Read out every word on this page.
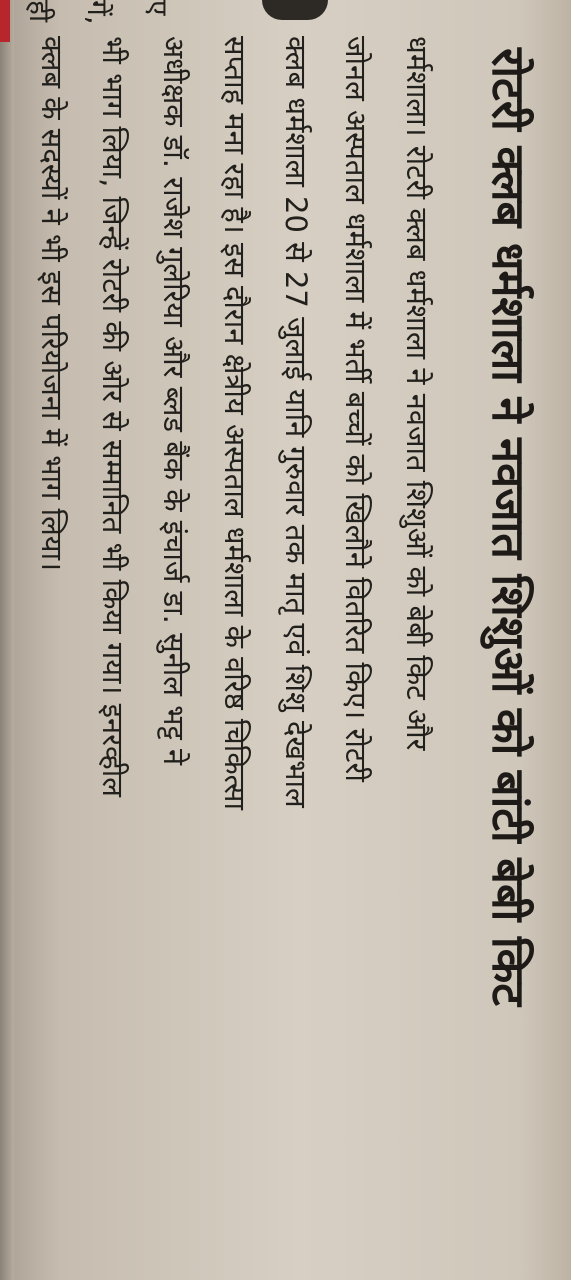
रोटरी क्लब धर्मशाला ने नवजात शिशुओं को बांटी बेबी किट

धर्मशाला। रोटरी क्लब धर्मशाला ने नवजात शिशुओं को बेबी किट और

जोनल अस्पताल धर्मशाला में भर्ती बच्चों को खिलौने वितरित किए। रोटरी

क्लब धर्मशाला 20 से 27 जुलाई यानि गुरुवार तक मातृ एवं शिशु देखभाल

सप्ताह मना रहा है। इस दौरान क्षेत्रीय अस्पताल धर्मशाला के वरिष्ठ चिकित्सा

अधीक्षक डॉ. राजेश गुलेरिया और ब्लड बैंक के इंचार्ज डा. सुनील भट्ट ने

भी भाग लिया, जिन्हें रोटरी की ओर से सम्मानित भी किया गया। इनरव्हील

क्लब के सदस्यों ने भी इस परियोजना में भाग लिया।

ए
गें,
ही
